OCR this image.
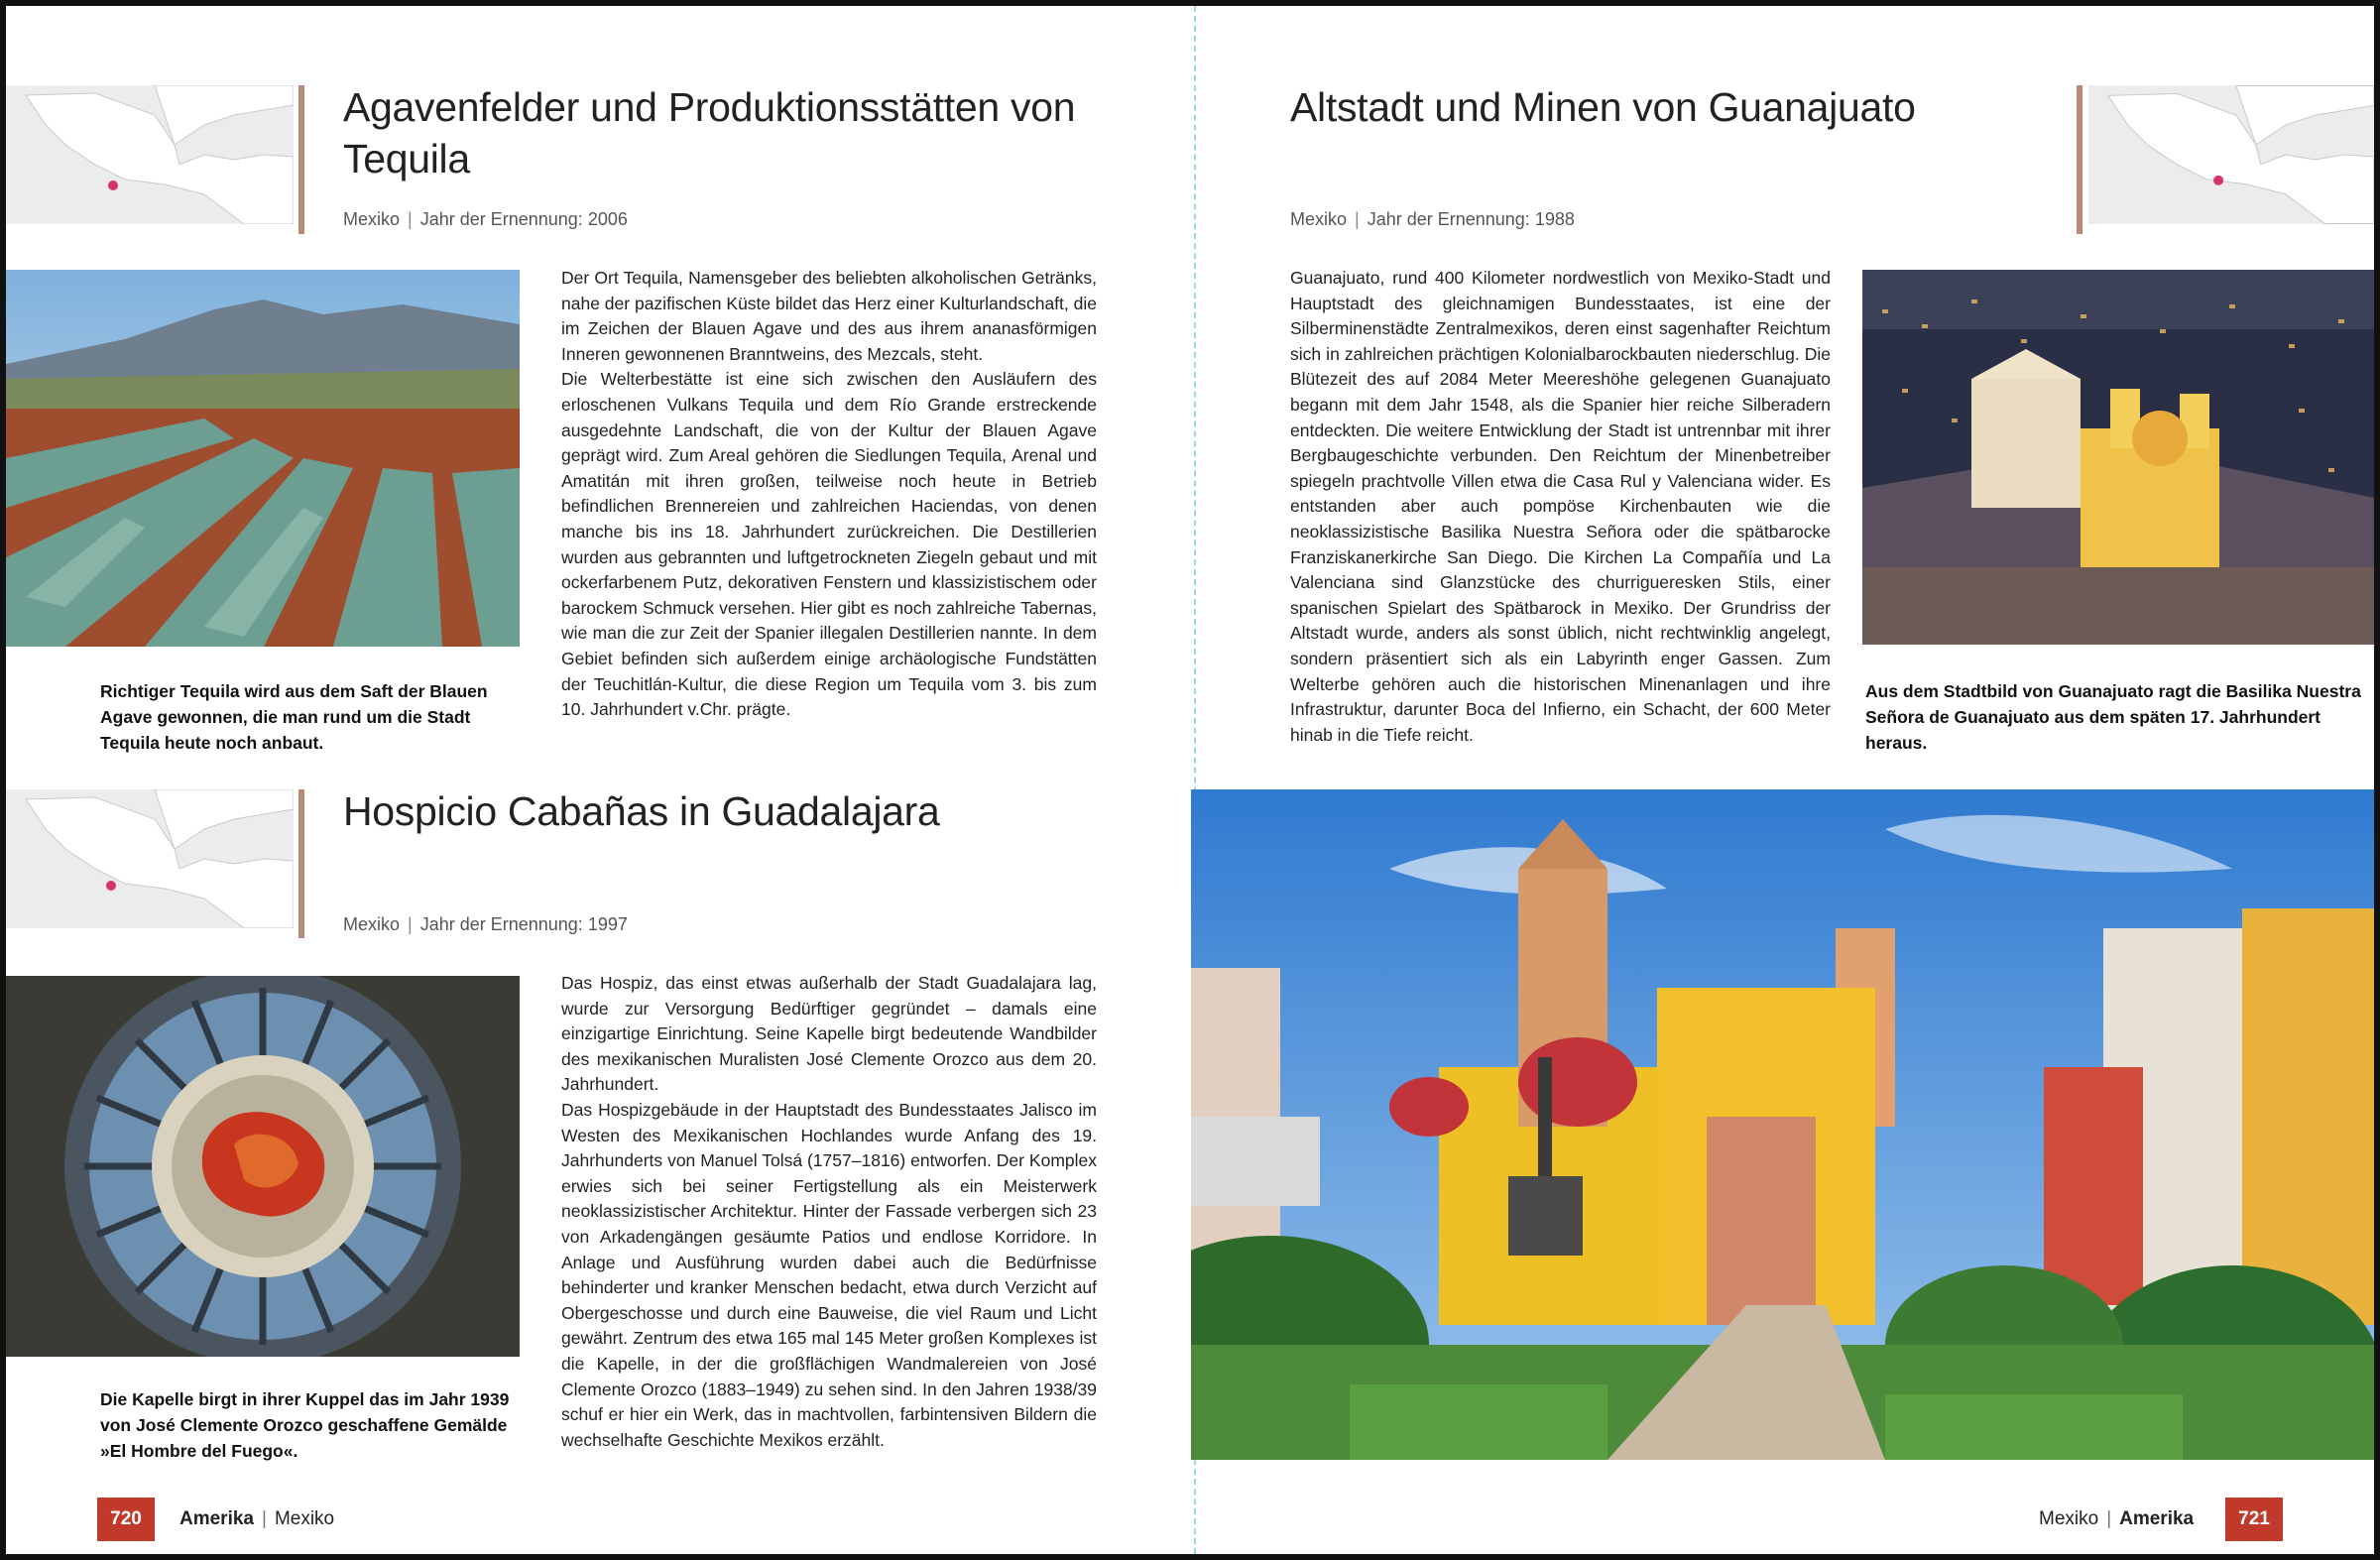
Agavenfelder und Produktionsstätten von
Tequila
Mexiko | Jahr der Ernennung: 2006
Richtiger Tequila wird aus dem Saft der Blauen Agave gewonnen, die man rund um die Stadt Tequila heute noch anbaut.
Der Ort Tequila, Namensgeber des beliebten alkoholischen Getränks, nahe der pazifischen Küste bildet das Herz einer Kulturlandschaft, die im Zeichen der Blauen Agave und des aus ihrem ananasförmigen Inneren gewonnenen Branntweins, des Mezcals, steht.
Die Welterbestätte ist eine sich zwischen den Ausläufern des erloschenen Vulkans Tequila und dem Río Grande erstreckende ausgedehnte Landschaft, die von der Kultur der Blauen Agave geprägt wird. Zum Areal gehören die Siedlungen Tequila, Arenal und Amatitán mit ihren großen, teilweise noch heute in Betrieb befindlichen Brennereien und zahlreichen Haciendas, von denen manche bis ins 18. Jahrhundert zurückreichen. Die Destillerien wurden aus gebrannten und luftgetrockneten Ziegeln gebaut und mit ockerfarbenem Putz, dekorativen Fenstern und klassizistischem oder barockem Schmuck versehen. Hier gibt es noch zahlreiche Tabernas, wie man die zur Zeit der Spanier illegalen Destillerien nannte. In dem Gebiet befinden sich außerdem einige archäologische Fundstätten der Teuchitlán-Kultur, die diese Region um Tequila vom 3. bis zum 10. Jahrhundert v.Chr. prägte.
Hospicio Cabañas in Guadalajara
Mexiko | Jahr der Ernennung: 1997
Die Kapelle birgt in ihrer Kuppel das im Jahr 1939 von José Clemente Orozco geschaffene Gemälde »El Hombre del Fuego«.
Das Hospiz, das einst etwas außerhalb der Stadt Guadalajara lag, wurde zur Versorgung Bedürftiger gegründet – damals eine einzigartige Einrichtung. Seine Kapelle birgt bedeutende Wandbilder des mexikanischen Muralisten José Clemente Orozco aus dem 20. Jahrhundert.
Das Hospizgebäude in der Hauptstadt des Bundesstaates Jalisco im Westen des Mexikanischen Hochlandes wurde Anfang des 19. Jahrhunderts von Manuel Tolsá (1757–1816) entworfen. Der Komplex erwies sich bei seiner Fertigstellung als ein Meisterwerk neoklassizistischer Architektur. Hinter der Fassade verbergen sich 23 von Arkadengängen gesäumte Patios und endlose Korridore. In Anlage und Ausführung wurden dabei auch die Bedürfnisse behinderter und kranker Menschen bedacht, etwa durch Verzicht auf Obergeschosse und durch eine Bauweise, die viel Raum und Licht gewährt. Zentrum des etwa 165 mal 145 Meter großen Komplexes ist die Kapelle, in der die großflächigen Wandmalereien von José Clemente Orozco (1883–1949) zu sehen sind. In den Jahren 1938/39 schuf er hier ein Werk, das in machtvollen, farbintensiven Bildern die wechselhafte Geschichte Mexikos erzählt.
720	Amerika | Mexiko
Altstadt und Minen von Guanajuato
Mexiko | Jahr der Ernennung: 1988
Guanajuato, rund 400 Kilometer nordwestlich von Mexiko-Stadt und Hauptstadt des gleichnamigen Bundesstaates, ist eine der Silberminenstädte Zentralmexikos, deren einst sagenhafter Reichtum sich in zahlreichen prächtigen Kolonialbarockbauten niederschlug. Die Blütezeit des auf 2084 Meter Meereshöhe gelegenen Guanajuato begann mit dem Jahr 1548, als die Spanier hier reiche Silberadern entdeckten. Die weitere Entwicklung der Stadt ist untrennbar mit ihrer Bergbaugeschichte verbunden. Den Reichtum der Minenbetreiber spiegeln prachtvolle Villen etwa die Casa Rul y Valenciana wider. Es entstanden aber auch pompöse Kirchenbauten wie die neoklassizistische Basilika Nuestra Señora oder die spätbarocke Franziskanerkirche San Diego. Die Kirchen La Compañía und La Valenciana sind Glanzstücke des churrigueresken Stils, einer spanischen Spielart des Spätbarock in Mexiko. Der Grundriss der Altstadt wurde, anders als sonst üblich, nicht rechtwinklig angelegt, sondern präsentiert sich als ein Labyrinth enger Gassen. Zum Welterbe gehören auch die historischen Minenanlagen und ihre Infrastruktur, darunter Boca del Infierno, ein Schacht, der 600 Meter hinab in die Tiefe reicht.
Aus dem Stadtbild von Guanajuato ragt die Basilika Nuestra Señora de Guanajuato aus dem späten 17. Jahrhundert heraus.
Mexiko | Amerika	721
